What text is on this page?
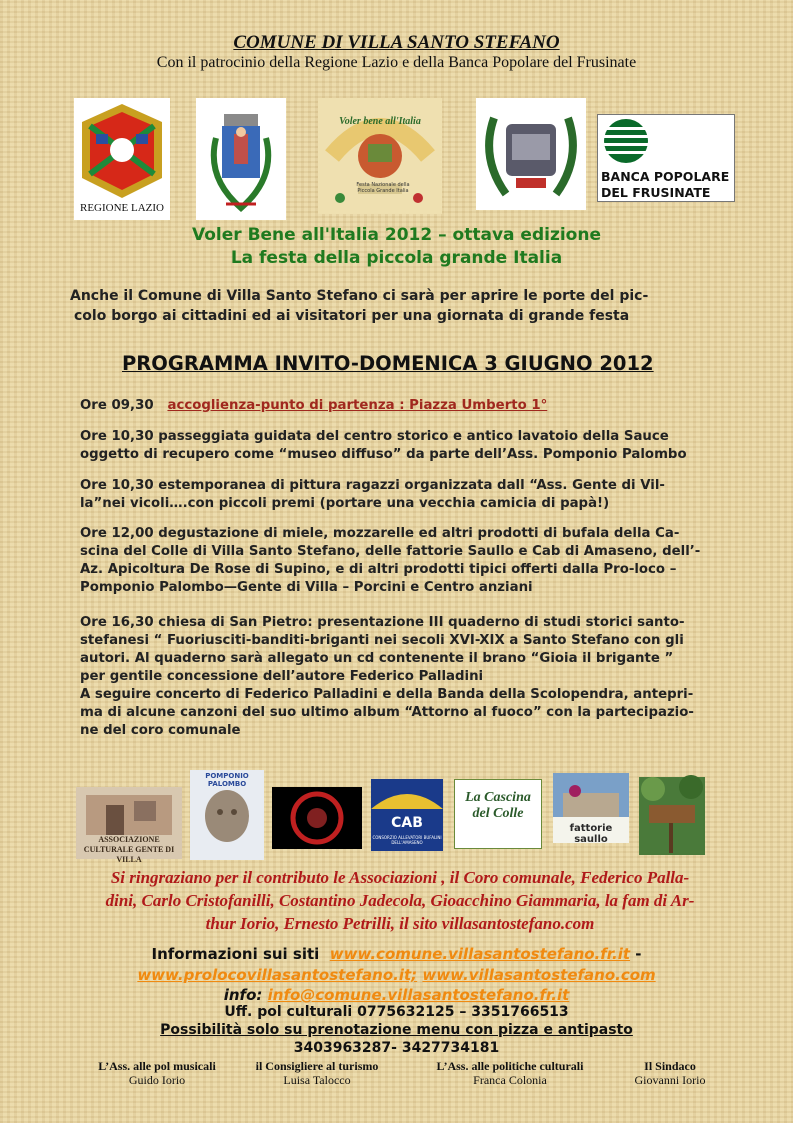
COMUNE DI VILLA SANTO STEFANO
Con il patrocinio della Regione Lazio e della Banca Popolare del Frusinate
REGIONE LAZIO
Voler bene all'Italia
Festa Nazionale della Piccola Grande Italia
BANCA POPOLARE
DEL FRUSINATE
Voler Bene all'Italia 2012 – ottava edizione
La festa della piccola grande Italia
Anche il Comune di Villa Santo Stefano ci sarà per aprire le porte del pic-
colo borgo ai cittadini ed ai visitatori per una giornata di grande festa
PROGRAMMA INVITO-DOMENICA 3 GIUGNO 2012
Ore 09,30 accoglienza-punto di partenza : Piazza Umberto 1°
Ore 10,30 passeggiata guidata del centro storico e antico lavatoio della Sauce
oggetto di recupero come “museo diffuso” da parte dell’Ass. Pomponio Palombo
Ore 10,30 estemporanea di pittura ragazzi organizzata dall “Ass. Gente di Vil-
la”nei vicoli….con piccoli premi (portare una vecchia camicia di papà!)
Ore 12,00 degustazione di miele, mozzarelle ed altri prodotti di bufala della Ca-
scina del Colle di Villa Santo Stefano, delle fattorie Saullo e Cab di Amaseno, dell’-
Az. Apicoltura De Rose di Supino, e di altri prodotti tipici offerti dalla Pro-loco –
Pomponio Palombo—Gente di Villa – Porcini e Centro anziani
Ore 16,30 chiesa di San Pietro: presentazione III quaderno di studi storici santo-
stefanesi “ Fuoriusciti-banditi-briganti nei secoli XVI-XIX a Santo Stefano con gli
autori. Al quaderno sarà allegato un cd contenente il brano “Gioia il brigante ”
per gentile concessione dell’autore Federico Palladini
A seguire concerto di Federico Palladini e della Banda della Scolopendra, antepri-
ma di alcune canzoni del suo ultimo album “Attorno al fuoco” con la partecipazio-
ne del coro comunale
ASSOCIAZIONE CULTURALE GENTE DI VILLA
POMPONIO PALOMBO
CAB
CONSORZIO ALLEVATORI BUFALINI DELL'AMASENO
La Cascina del Colle
fattorie saullo
Si ringraziano per il contributo le Associazioni , il Coro comunale, Federico Palla-
dini, Carlo Cristofanilli, Costantino Jadecola, Gioacchino Giammaria, la fam di Ar-
thur Iorio, Ernesto Petrilli, il sito villasantostefano.com
Informazioni sui siti www.comune.villasantostefano.fr.it -
www.prolocovillasantostefano.it; www.villasantostefano.com
info: info@comune.villasantostefano.fr.it
Uff. pol culturali 0775632125 – 3351766513
Possibilità solo su prenotazione menu con pizza e antipasto
3403963287- 3427734181
L’Ass. alle pol musicali
Guido Iorio
il Consigliere al turismo
Luisa Talocco
L’Ass. alle politiche culturali
Franca Colonia
Il Sindaco
Giovanni Iorio
